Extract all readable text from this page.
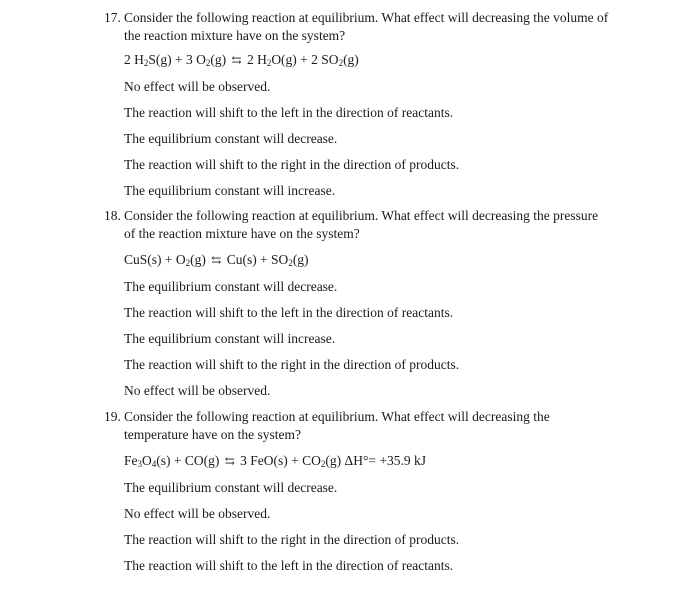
17. Consider the following reaction at equilibrium. What effect will decreasing the volume of
the reaction mixture have on the system?
2 $H_2S(g) + 3$ $O_2(g)$ ⇆ 2 $H_2O(g) + 2$ $SO_2(g)$
No effect will be observed.
The reaction will shift to the left in the direction of reactants.
The equilibrium constant will decrease.
The reaction will shift to the right in the direction of products.
The equilibrium constant will increase.
18. Consider the following reaction at equilibrium. What effect will decreasing the pressure
of the reaction mixture have on the system?
$CuS(s) + O_2(g)$ ⇆ $Cu(s) + SO_2(g)$
The equilibrium constant will decrease.
The reaction will shift to the left in the direction of reactants.
The equilibrium constant will increase.
The reaction will shift to the right in the direction of products.
No effect will be observed.
19. Consider the following reaction at equilibrium. What effect will decreasing the
temperature have on the system?
$Fe_3O_4(s) + CO(g)$ ⇆ 3 $FeO(s) + CO_2(g)$ ΔH°= +35.9 kJ
The equilibrium constant will decrease.
No effect will be observed.
The reaction will shift to the right in the direction of products.
The reaction will shift to the left in the direction of reactants.
